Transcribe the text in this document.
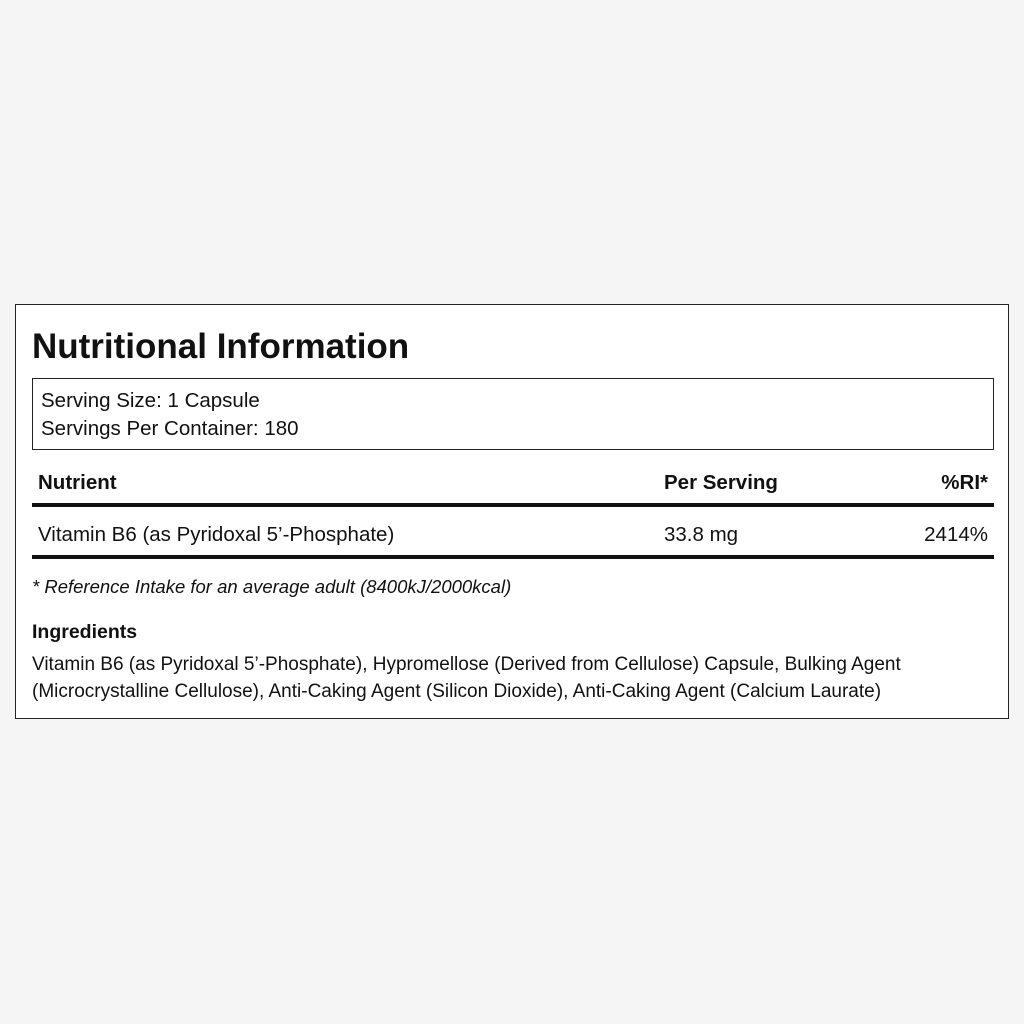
Nutritional Information
Serving Size: 1 Capsule
Servings Per Container: 180
Nutrient	Per Serving	%RI*
Vitamin B6 (as Pyridoxal 5’-Phosphate)	33.8 mg	2414%
* Reference Intake for an average adult (8400kJ/2000kcal)
Ingredients

Vitamin B6 (as Pyridoxal 5’-Phosphate), Hypromellose (Derived from Cellulose) Capsule, Bulking Agent (Microcrystalline Cellulose), Anti-Caking Agent (Silicon Dioxide), Anti-Caking Agent (Calcium Laurate)
